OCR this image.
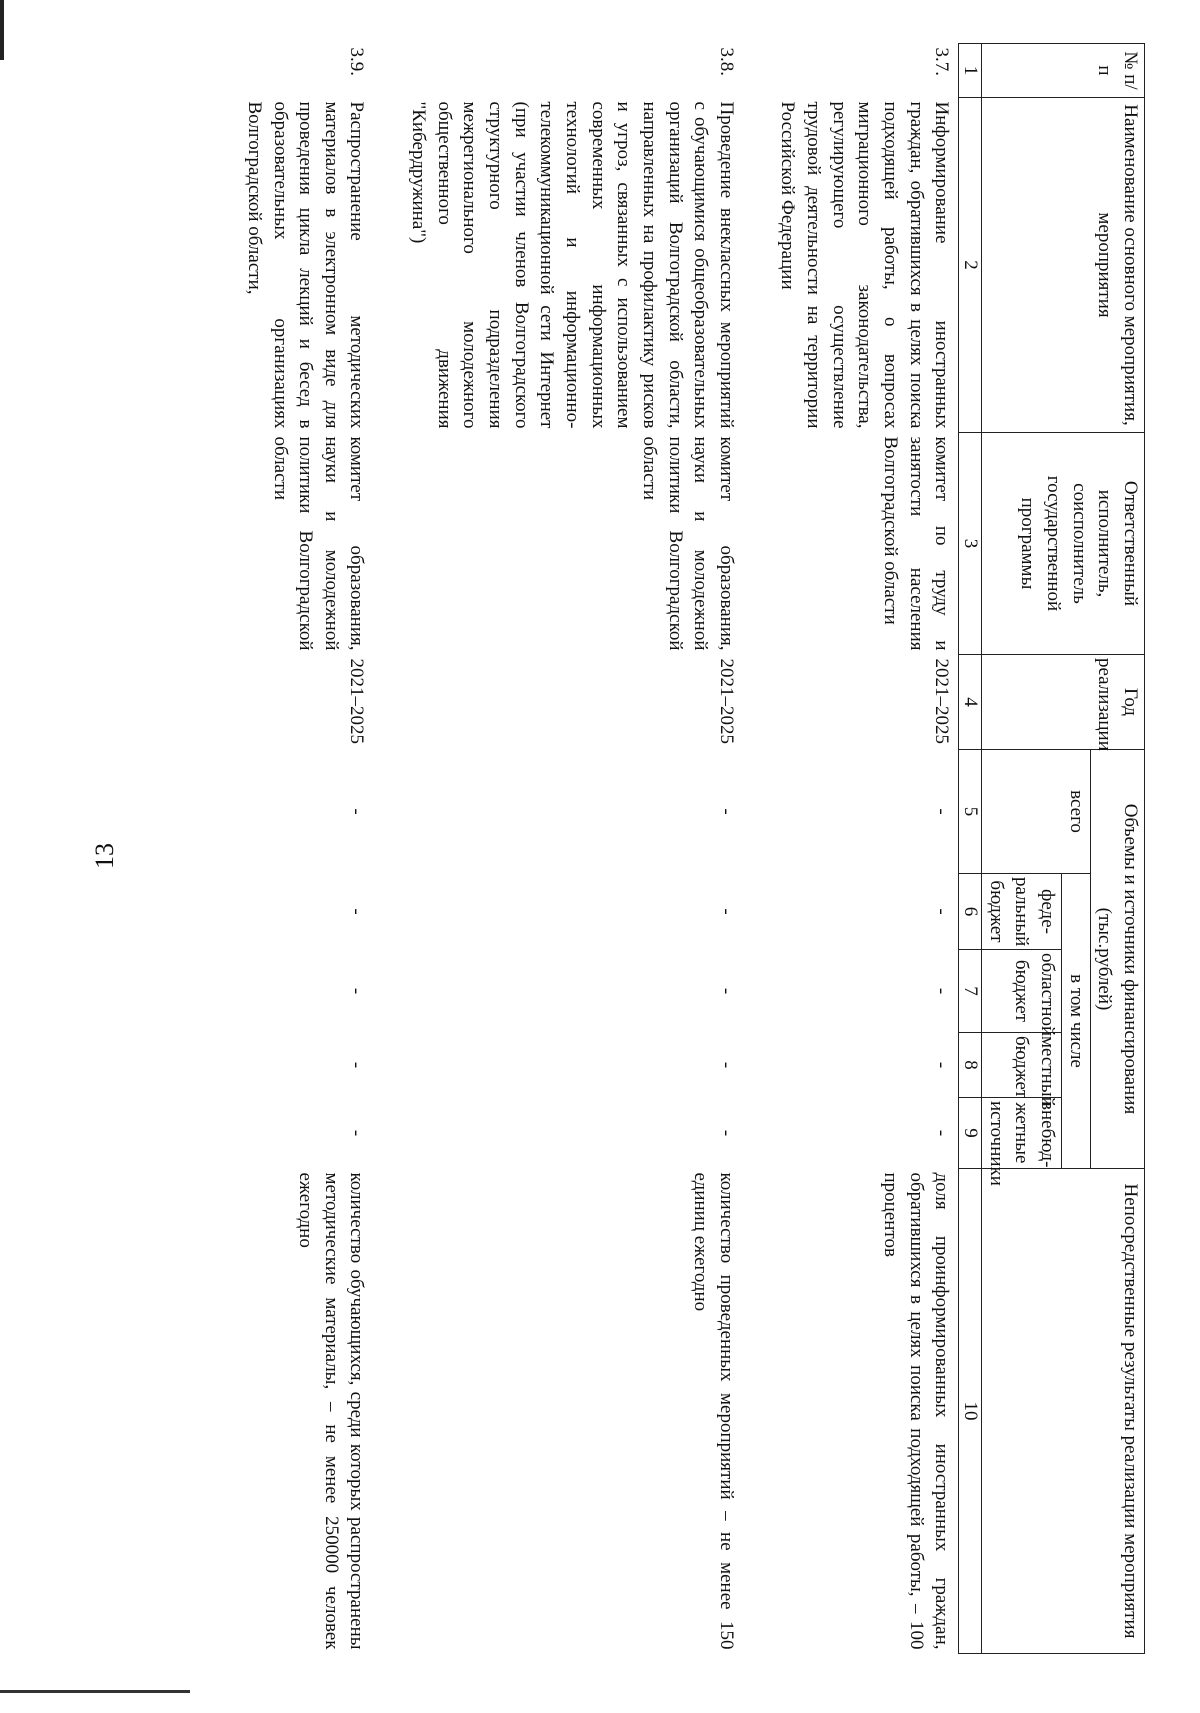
13
№ п/п	Наименование основного мероприятия, мероприятия	Ответственный исполнитель, соисполнитель государственной программы	Год реализации	Объемы и источники финансирования (тыс.рублей)					Непосредственные результаты реализации мероприятия
				всего	в том числе				
					феде- ральный бюджет	областной бюджет	местный бюджет	внебюд- жетные источники	
1	2	3	4	5	6	7	8	9	10
3.7.	Информирование иностранных граждан, обратившихся в целях поиска подходящей работы, о вопросах миграционного законодательства, регулирующего осуществление трудовой деятельности на территории Российской Федерации	комитет по труду и занятости населения Волгоградской области	2021–2025	-	-	-	-	-	доля проинформированных иностранных граждан, обратившихся в целях поиска подходящей работы, – 100 процентов
3.8.	Проведение внеклассных мероприятий с обучающимися общеобразовательных организаций Волгоградской области, направленных на профилактику рисков и угроз, связанных с использованием современных информационных технологий и информационно-телекоммуникационной сети Интернет (при участии членов Волгоградского структурного подразделения межрегионального молодежного общественного движения "Кибердружина")	комитет образования, науки и молодежной политики Волгоградской области	2021–2025	-	-	-	-	-	количество проведенных мероприятий – не менее 150 единиц ежегодно
3.9.	Распространение методических материалов в электронном виде для проведения цикла лекций и бесед в образовательных организациях Волгоградской области,	комитет образования, науки и молодежной политики Волгоградской области	2021–2025	-	-	-	-	-	количество обучающихся, среди которых распространены методические материалы, – не менее 250000 человек ежегодно
